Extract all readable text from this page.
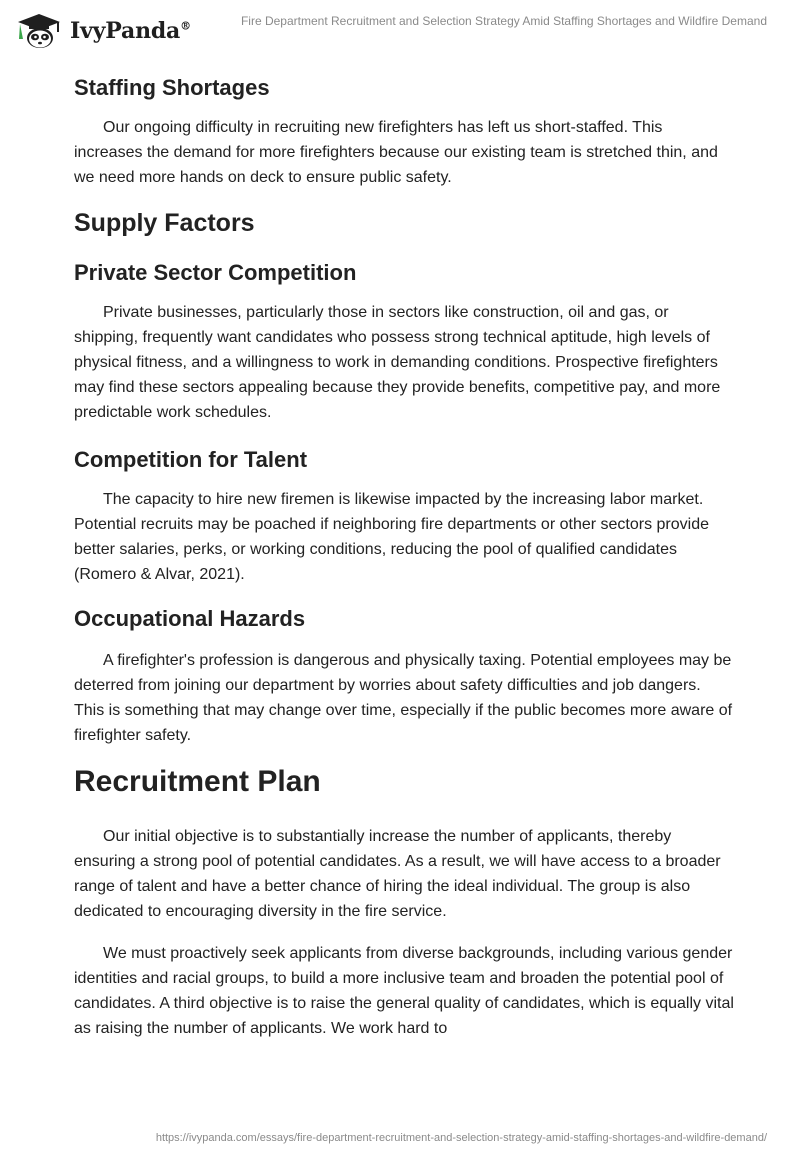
IvyPanda®	Fire Department Recruitment and Selection Strategy Amid Staffing Shortages and Wildfire Demand
Staffing Shortages

Our ongoing difficulty in recruiting new firefighters has left us short-staffed. This increases the demand for more firefighters because our existing team is stretched thin, and we need more hands on deck to ensure public safety.

Supply Factors
Private Sector Competition

Private businesses, particularly those in sectors like construction, oil and gas, or shipping, frequently want candidates who possess strong technical aptitude, high levels of physical fitness, and a willingness to work in demanding conditions. Prospective firefighters may find these sectors appealing because they provide benefits, competitive pay, and more predictable work schedules.

Competition for Talent

The capacity to hire new firemen is likewise impacted by the increasing labor market. Potential recruits may be poached if neighboring fire departments or other sectors provide better salaries, perks, or working conditions, reducing the pool of qualified candidates (Romero & Alvar, 2021).

Occupational Hazards

A firefighter's profession is dangerous and physically taxing. Potential employees may be deterred from joining our department by worries about safety difficulties and job dangers. This is something that may change over time, especially if the public becomes more aware of firefighter safety.

Recruitment Plan

Our initial objective is to substantially increase the number of applicants, thereby ensuring a strong pool of potential candidates. As a result, we will have access to a broader range of talent and have a better chance of hiring the ideal individual. The group is also dedicated to encouraging diversity in the fire service.

We must proactively seek applicants from diverse backgrounds, including various gender identities and racial groups, to build a more inclusive team and broaden the potential pool of candidates. A third objective is to raise the general quality of candidates, which is equally vital as raising the number of applicants. We work hard to

https://ivypanda.com/essays/fire-department-recruitment-and-selection-strategy-amid-staffing-shortages-and-wildfire-demand/
